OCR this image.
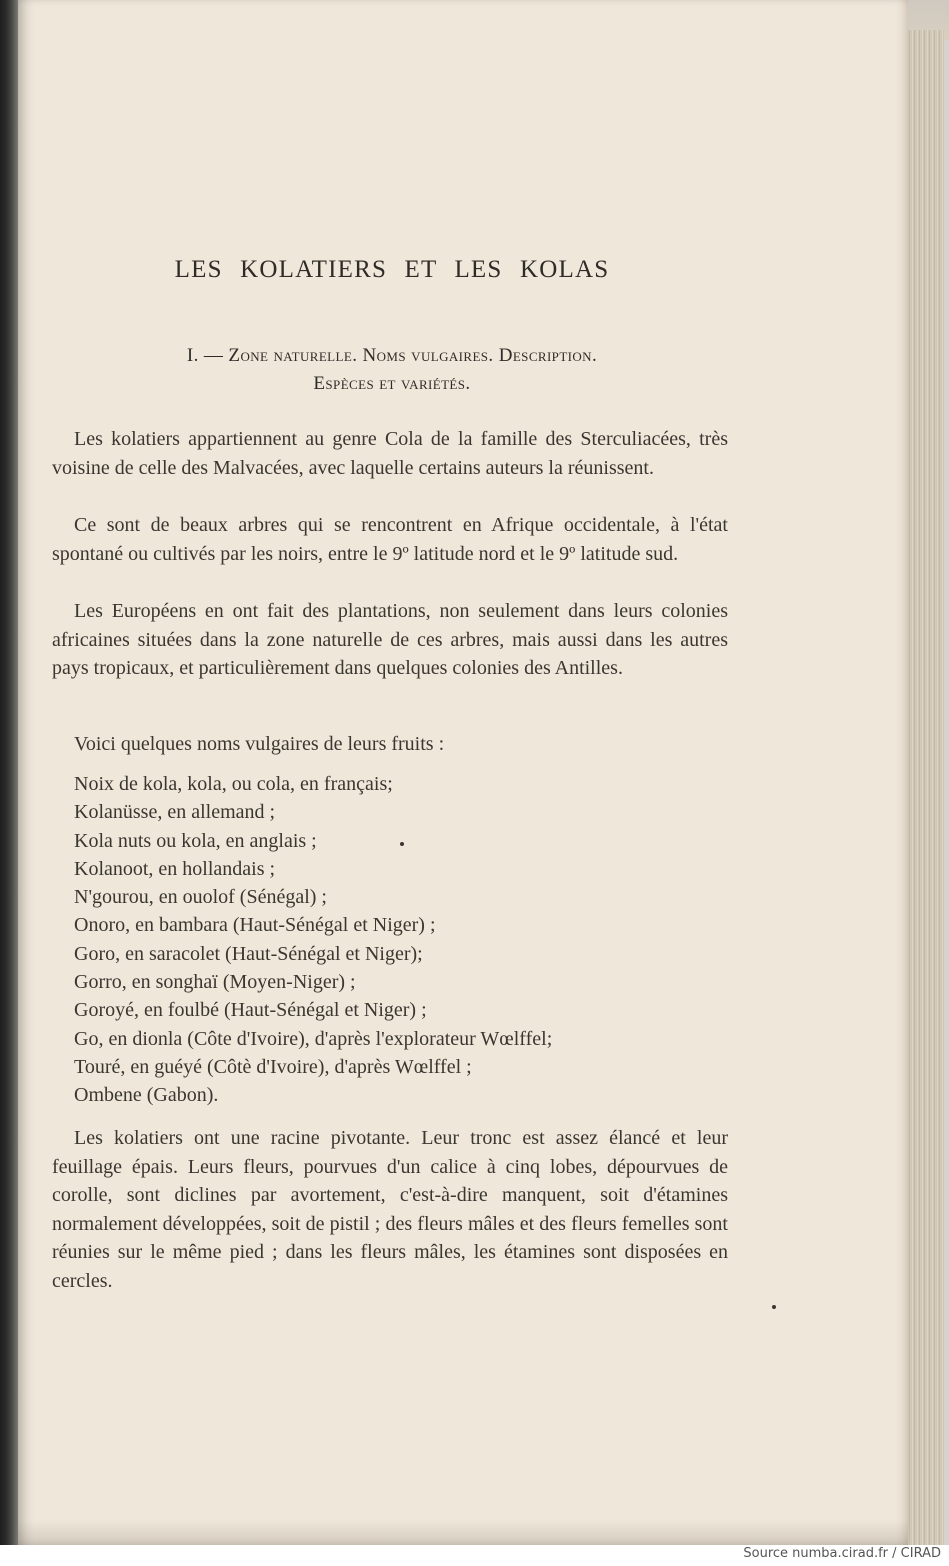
LES KOLATIERS ET LES KOLAS
I. — Zone naturelle. Noms vulgaires. Description.
Espèces et variétés.

Les kolatiers appartiennent au genre Cola de la famille des Sterculiacées, très voisine de celle des Malvacées, avec laquelle certains auteurs la réunissent.

Ce sont de beaux arbres qui se rencontrent en Afrique occidentale, à l'état spontané ou cultivés par les noirs, entre le 9º latitude nord et le 9º latitude sud.

Les Européens en ont fait des plantations, non seulement dans leurs colonies africaines situées dans la zone naturelle de ces arbres, mais aussi dans les autres pays tropicaux, et particulièrement dans quelques colonies des Antilles.

Voici quelques noms vulgaires de leurs fruits :

Noix de kola, kola, ou cola, en français;
Kolanüsse, en allemand ;
Kola nuts ou kola, en anglais ;
Kolanoot, en hollandais ;
N'gourou, en ouolof (Sénégal) ;
Onoro, en bambara (Haut-Sénégal et Niger) ;
Goro, en saracolet (Haut-Sénégal et Niger);
Gorro, en songhaï (Moyen-Niger) ;
Goroyé, en foulbé (Haut-Sénégal et Niger) ;
Go, en dionla (Côte d'Ivoire), d'après l'explorateur Wœlffel;
Touré, en guéyé (Côtè d'Ivoire), d'après Wœlffel ;
Ombene (Gabon).

Les kolatiers ont une racine pivotante. Leur tronc est assez élancé et leur feuillage épais. Leurs fleurs, pourvues d'un calice à cinq lobes, dépourvues de corolle, sont diclines par avortement, c'est-à-dire manquent, soit d'étamines normalement développées, soit de pistil ; des fleurs mâles et des fleurs femelles sont réunies sur le même pied ; dans les fleurs mâles, les étamines sont disposées en cercles.

Source numba.cirad.fr / CIRAD
